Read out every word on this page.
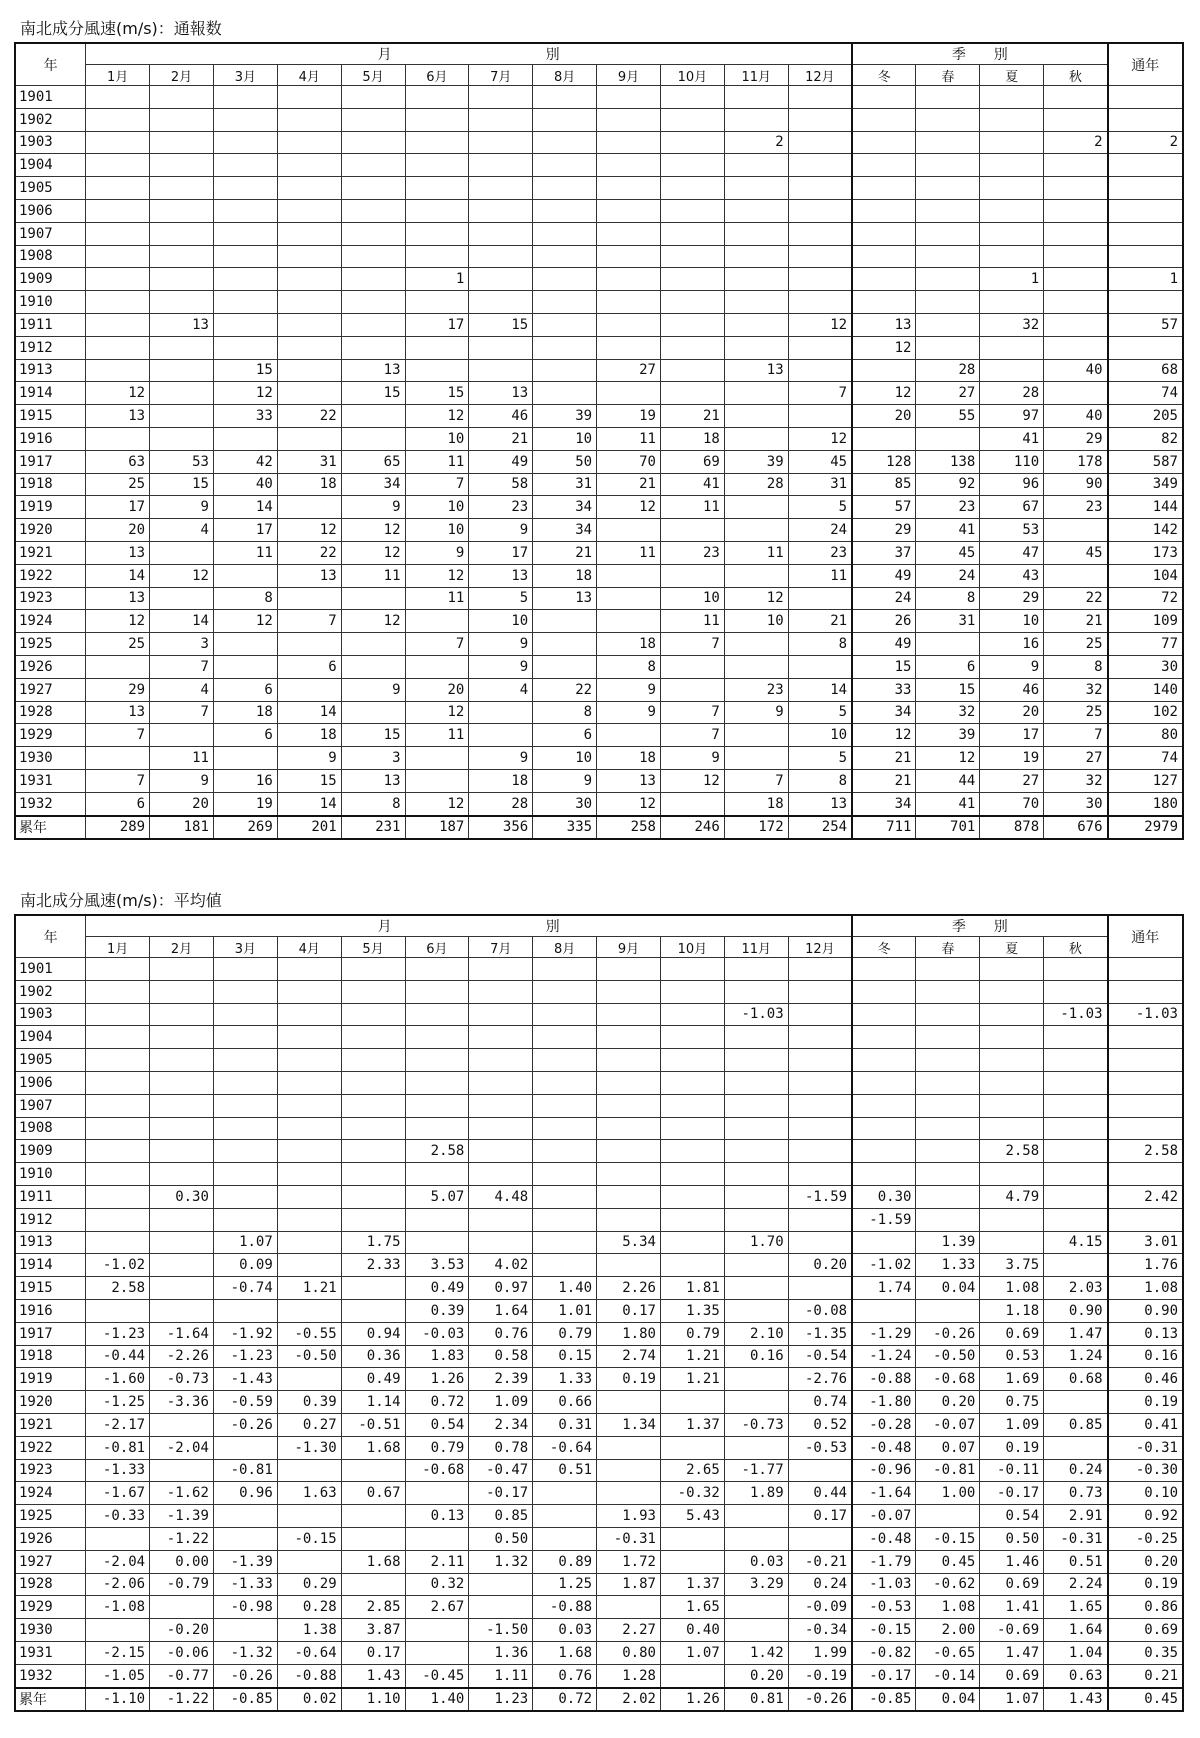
南北成分風速(m/s)：通報数
年	月　　　　　　　　　　　別												季　　別				通年
	1月	2月	3月	4月	5月	6月	7月	8月	9月	10月	11月	12月	冬	春	夏	秋	
1901																	
1902																	
1903											2					2	2
1904																	
1905																	
1906																	
1907																	
1908																	
1909						1									1		1
1910																	
1911		13				17	15					12	13		32		57
1912													12				
1913			15		13				27		13			28		40	68
1914	12		12		15	15	13					7	12	27	28		74
1915	13		33	22		12	46	39	19	21			20	55	97	40	205
1916						10	21	10	11	18		12			41	29	82
1917	63	53	42	31	65	11	49	50	70	69	39	45	128	138	110	178	587
1918	25	15	40	18	34	7	58	31	21	41	28	31	85	92	96	90	349
1919	17	9	14		9	10	23	34	12	11		5	57	23	67	23	144
1920	20	4	17	12	12	10	9	34				24	29	41	53		142
1921	13		11	22	12	9	17	21	11	23	11	23	37	45	47	45	173
1922	14	12		13	11	12	13	18				11	49	24	43		104
1923	13		8			11	5	13		10	12		24	8	29	22	72
1924	12	14	12	7	12		10			11	10	21	26	31	10	21	109
1925	25	3				7	9		18	7		8	49		16	25	77
1926		7		6			9		8				15	6	9	8	30
1927	29	4	6		9	20	4	22	9		23	14	33	15	46	32	140
1928	13	7	18	14		12		8	9	7	9	5	34	32	20	25	102
1929	7		6	18	15	11		6		7		10	12	39	17	7	80
1930		11		9	3		9	10	18	9		5	21	12	19	27	74
1931	7	9	16	15	13		18	9	13	12	7	8	21	44	27	32	127
1932	6	20	19	14	8	12	28	30	12		18	13	34	41	70	30	180
累年	289	181	269	201	231	187	356	335	258	246	172	254	711	701	878	676	2979
南北成分風速(m/s)：平均値
年	月　　　　　　　　　　　別												季　　別				通年
	1月	2月	3月	4月	5月	6月	7月	8月	9月	10月	11月	12月	冬	春	夏	秋	
1901																	
1902																	
1903											-1.03					-1.03	-1.03
1904																	
1905																	
1906																	
1907																	
1908																	
1909						2.58									2.58		2.58
1910																	
1911		0.30				5.07	4.48					-1.59	0.30		4.79		2.42
1912													-1.59				
1913			1.07		1.75				5.34		1.70			1.39		4.15	3.01
1914	-1.02		0.09		2.33	3.53	4.02					0.20	-1.02	1.33	3.75		1.76
1915	2.58		-0.74	1.21		0.49	0.97	1.40	2.26	1.81			1.74	0.04	1.08	2.03	1.08
1916						0.39	1.64	1.01	0.17	1.35		-0.08			1.18	0.90	0.90
1917	-1.23	-1.64	-1.92	-0.55	0.94	-0.03	0.76	0.79	1.80	0.79	2.10	-1.35	-1.29	-0.26	0.69	1.47	0.13
1918	-0.44	-2.26	-1.23	-0.50	0.36	1.83	0.58	0.15	2.74	1.21	0.16	-0.54	-1.24	-0.50	0.53	1.24	0.16
1919	-1.60	-0.73	-1.43		0.49	1.26	2.39	1.33	0.19	1.21		-2.76	-0.88	-0.68	1.69	0.68	0.46
1920	-1.25	-3.36	-0.59	0.39	1.14	0.72	1.09	0.66				0.74	-1.80	0.20	0.75		0.19
1921	-2.17		-0.26	0.27	-0.51	0.54	2.34	0.31	1.34	1.37	-0.73	0.52	-0.28	-0.07	1.09	0.85	0.41
1922	-0.81	-2.04		-1.30	1.68	0.79	0.78	-0.64				-0.53	-0.48	0.07	0.19		-0.31
1923	-1.33		-0.81			-0.68	-0.47	0.51		2.65	-1.77		-0.96	-0.81	-0.11	0.24	-0.30
1924	-1.67	-1.62	0.96	1.63	0.67		-0.17			-0.32	1.89	0.44	-1.64	1.00	-0.17	0.73	0.10
1925	-0.33	-1.39				0.13	0.85		1.93	5.43		0.17	-0.07		0.54	2.91	0.92
1926		-1.22		-0.15			0.50		-0.31				-0.48	-0.15	0.50	-0.31	-0.25
1927	-2.04	0.00	-1.39		1.68	2.11	1.32	0.89	1.72		0.03	-0.21	-1.79	0.45	1.46	0.51	0.20
1928	-2.06	-0.79	-1.33	0.29		0.32		1.25	1.87	1.37	3.29	0.24	-1.03	-0.62	0.69	2.24	0.19
1929	-1.08		-0.98	0.28	2.85	2.67		-0.88		1.65		-0.09	-0.53	1.08	1.41	1.65	0.86
1930		-0.20		1.38	3.87		-1.50	0.03	2.27	0.40		-0.34	-0.15	2.00	-0.69	1.64	0.69
1931	-2.15	-0.06	-1.32	-0.64	0.17		1.36	1.68	0.80	1.07	1.42	1.99	-0.82	-0.65	1.47	1.04	0.35
1932	-1.05	-0.77	-0.26	-0.88	1.43	-0.45	1.11	0.76	1.28		0.20	-0.19	-0.17	-0.14	0.69	0.63	0.21
累年	-1.10	-1.22	-0.85	0.02	1.10	1.40	1.23	0.72	2.02	1.26	0.81	-0.26	-0.85	0.04	1.07	1.43	0.45
